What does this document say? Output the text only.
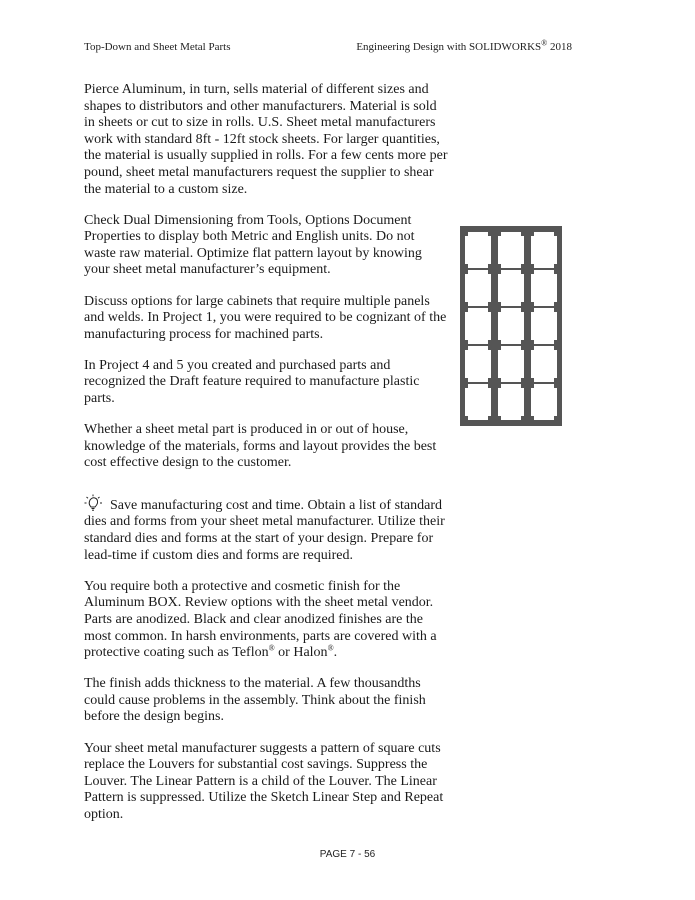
Top-Down and Sheet Metal Parts	Engineering Design with SOLIDWORKS® 2018

Pierce Aluminum, in turn, sells material of different sizes and shapes to distributors and other manufacturers. Material is sold in sheets or cut to size in rolls. U.S. Sheet metal manufacturers work with standard 8ft - 12ft stock sheets. For larger quantities, the material is usually supplied in rolls. For a few cents more per pound, sheet metal manufacturers request the supplier to shear the material to a custom size.

Check Dual Dimensioning from Tools, Options Document Properties to display both Metric and English units. Do not waste raw material. Optimize flat pattern layout by knowing your sheet metal manufacturer’s equipment.

Discuss options for large cabinets that require multiple panels and welds. In Project 1, you were required to be cognizant of the manufacturing process for machined parts.

In Project 4 and 5 you created and purchased parts and recognized the Draft feature required to manufacture plastic parts.

Whether a sheet metal part is produced in or out of house, knowledge of the materials, forms and layout provides the best cost effective design to the customer.

Save manufacturing cost and time. Obtain a list of standard dies and forms from your sheet metal manufacturer. Utilize their standard dies and forms at the start of your design. Prepare for lead-time if custom dies and forms are required.

You require both a protective and cosmetic finish for the Aluminum BOX. Review options with the sheet metal vendor. Parts are anodized. Black and clear anodized finishes are the most common. In harsh environments, parts are covered with a protective coating such as Teflon® or Halon®.

The finish adds thickness to the material. A few thousandths could cause problems in the assembly. Think about the finish before the design begins.

Your sheet metal manufacturer suggests a pattern of square cuts replace the Louvers for substantial cost savings. Suppress the Louver. The Linear Pattern is a child of the Louver. The Linear Pattern is suppressed. Utilize the Sketch Linear Step and Repeat option.

PAGE 7 - 56
